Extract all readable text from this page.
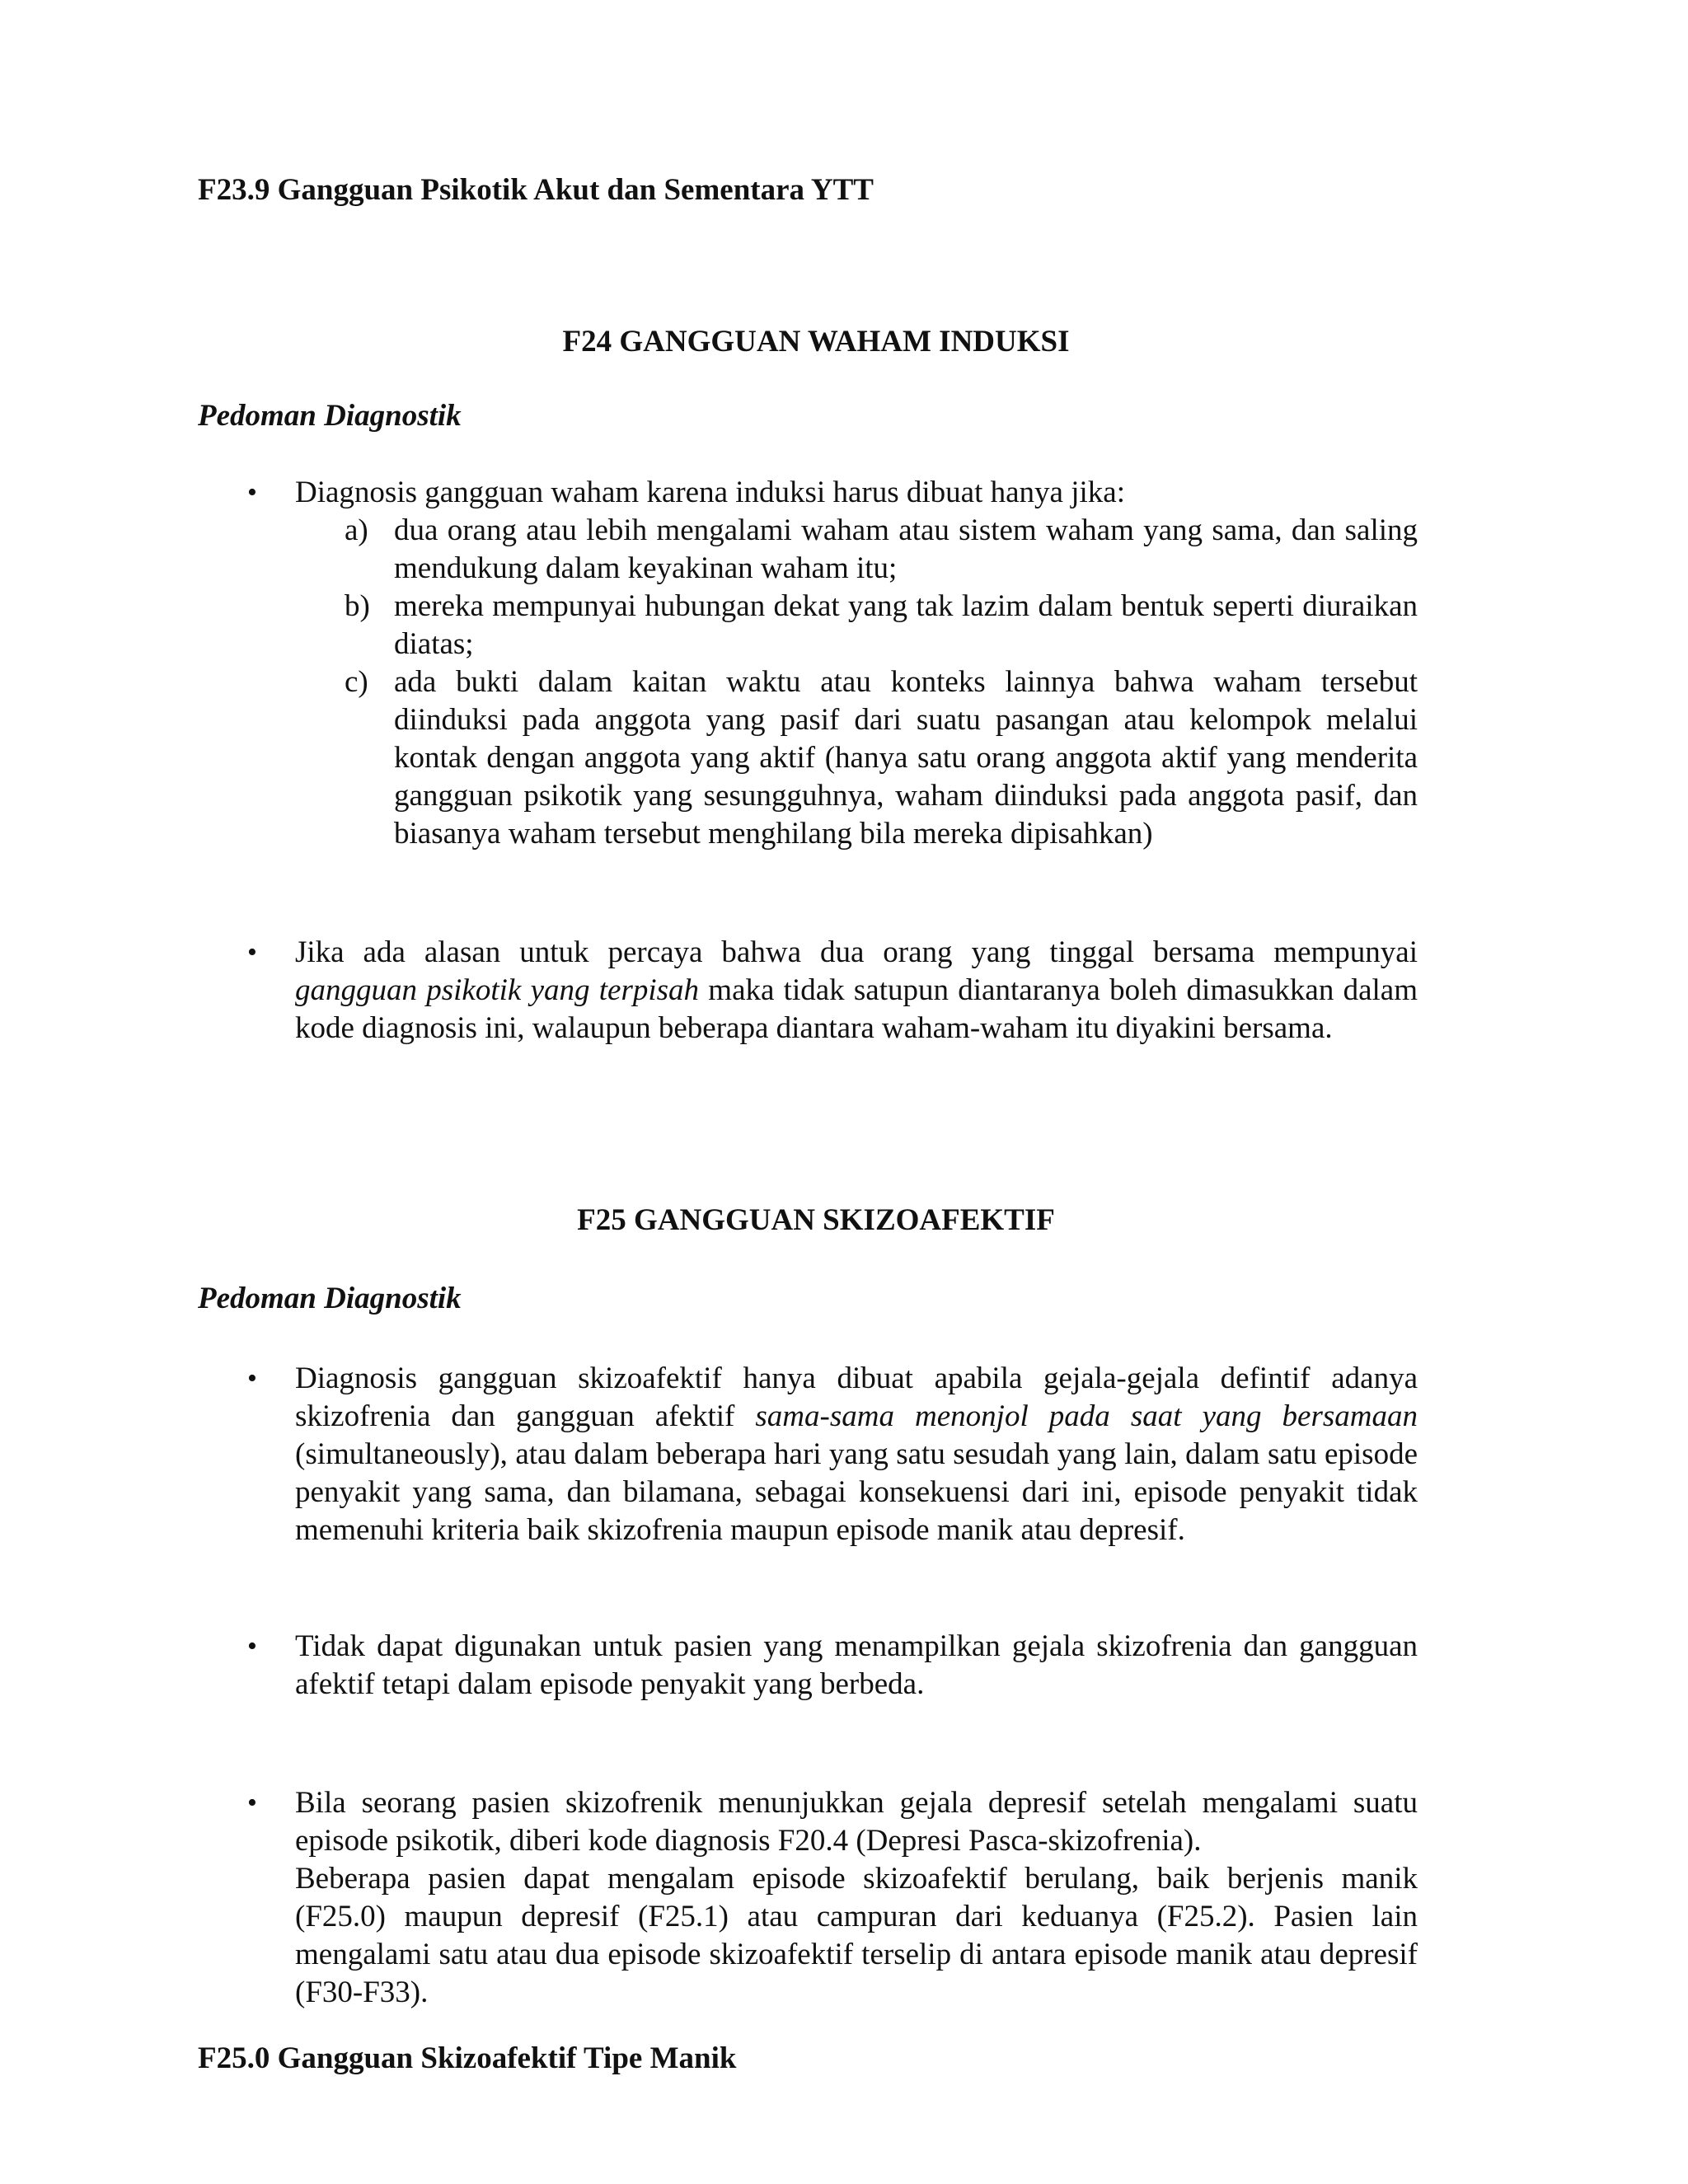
F23.9 Gangguan Psikotik Akut dan Sementara YTT
F24 GANGGUAN WAHAM INDUKSI
Pedoman Diagnostik
•	Diagnosis gangguan waham karena induksi harus dibuat hanya jika:

a) dua orang atau lebih mengalami waham atau sistem waham yang sama, dan saling mendukung dalam keyakinan waham itu;
b) mereka mempunyai hubungan dekat yang tak lazim dalam bentuk seperti diuraikan diatas;
c) ada bukti dalam kaitan waktu atau konteks lainnya bahwa waham tersebut diinduksi pada anggota yang pasif dari suatu pasangan atau kelompok melalui kontak dengan anggota yang aktif (hanya satu orang anggota aktif yang menderita gangguan psikotik yang sesungguhnya, waham diinduksi pada anggota pasif, dan biasanya waham tersebut menghilang bila mereka dipisahkan)
•	Jika ada alasan untuk percaya bahwa dua orang yang tinggal bersama mempunyai gangguan psikotik yang terpisah maka tidak satupun diantaranya boleh dimasukkan dalam kode diagnosis ini, walaupun beberapa diantara waham-waham itu diyakini bersama.

F25 GANGGUAN SKIZOAFEKTIF
Pedoman Diagnostik
•	Diagnosis gangguan skizoafektif hanya dibuat apabila gejala-gejala defintif adanya skizofrenia dan gangguan afektif sama-sama menonjol pada saat yang bersamaan (simultaneously), atau dalam beberapa hari yang satu sesudah yang lain, dalam satu episode penyakit yang sama, dan bilamana, sebagai konsekuensi dari ini, episode penyakit tidak memenuhi kriteria baik skizofrenia maupun episode manik atau depresif.

•	Tidak dapat digunakan untuk pasien yang menampilkan gejala skizofrenia dan gangguan afektif tetapi dalam episode penyakit yang berbeda.

•	Bila seorang pasien skizofrenik menunjukkan gejala depresif setelah mengalami suatu episode psikotik, diberi kode diagnosis F20.4 (Depresi Pasca-skizofrenia).

Beberapa pasien dapat mengalam episode skizoafektif berulang, baik berjenis manik (F25.0) maupun depresif (F25.1) atau campuran dari keduanya (F25.2). Pasien lain mengalami satu atau dua episode skizoafektif terselip di antara episode manik atau depresif (F30-F33).

F25.0 Gangguan Skizoafektif Tipe Manik
